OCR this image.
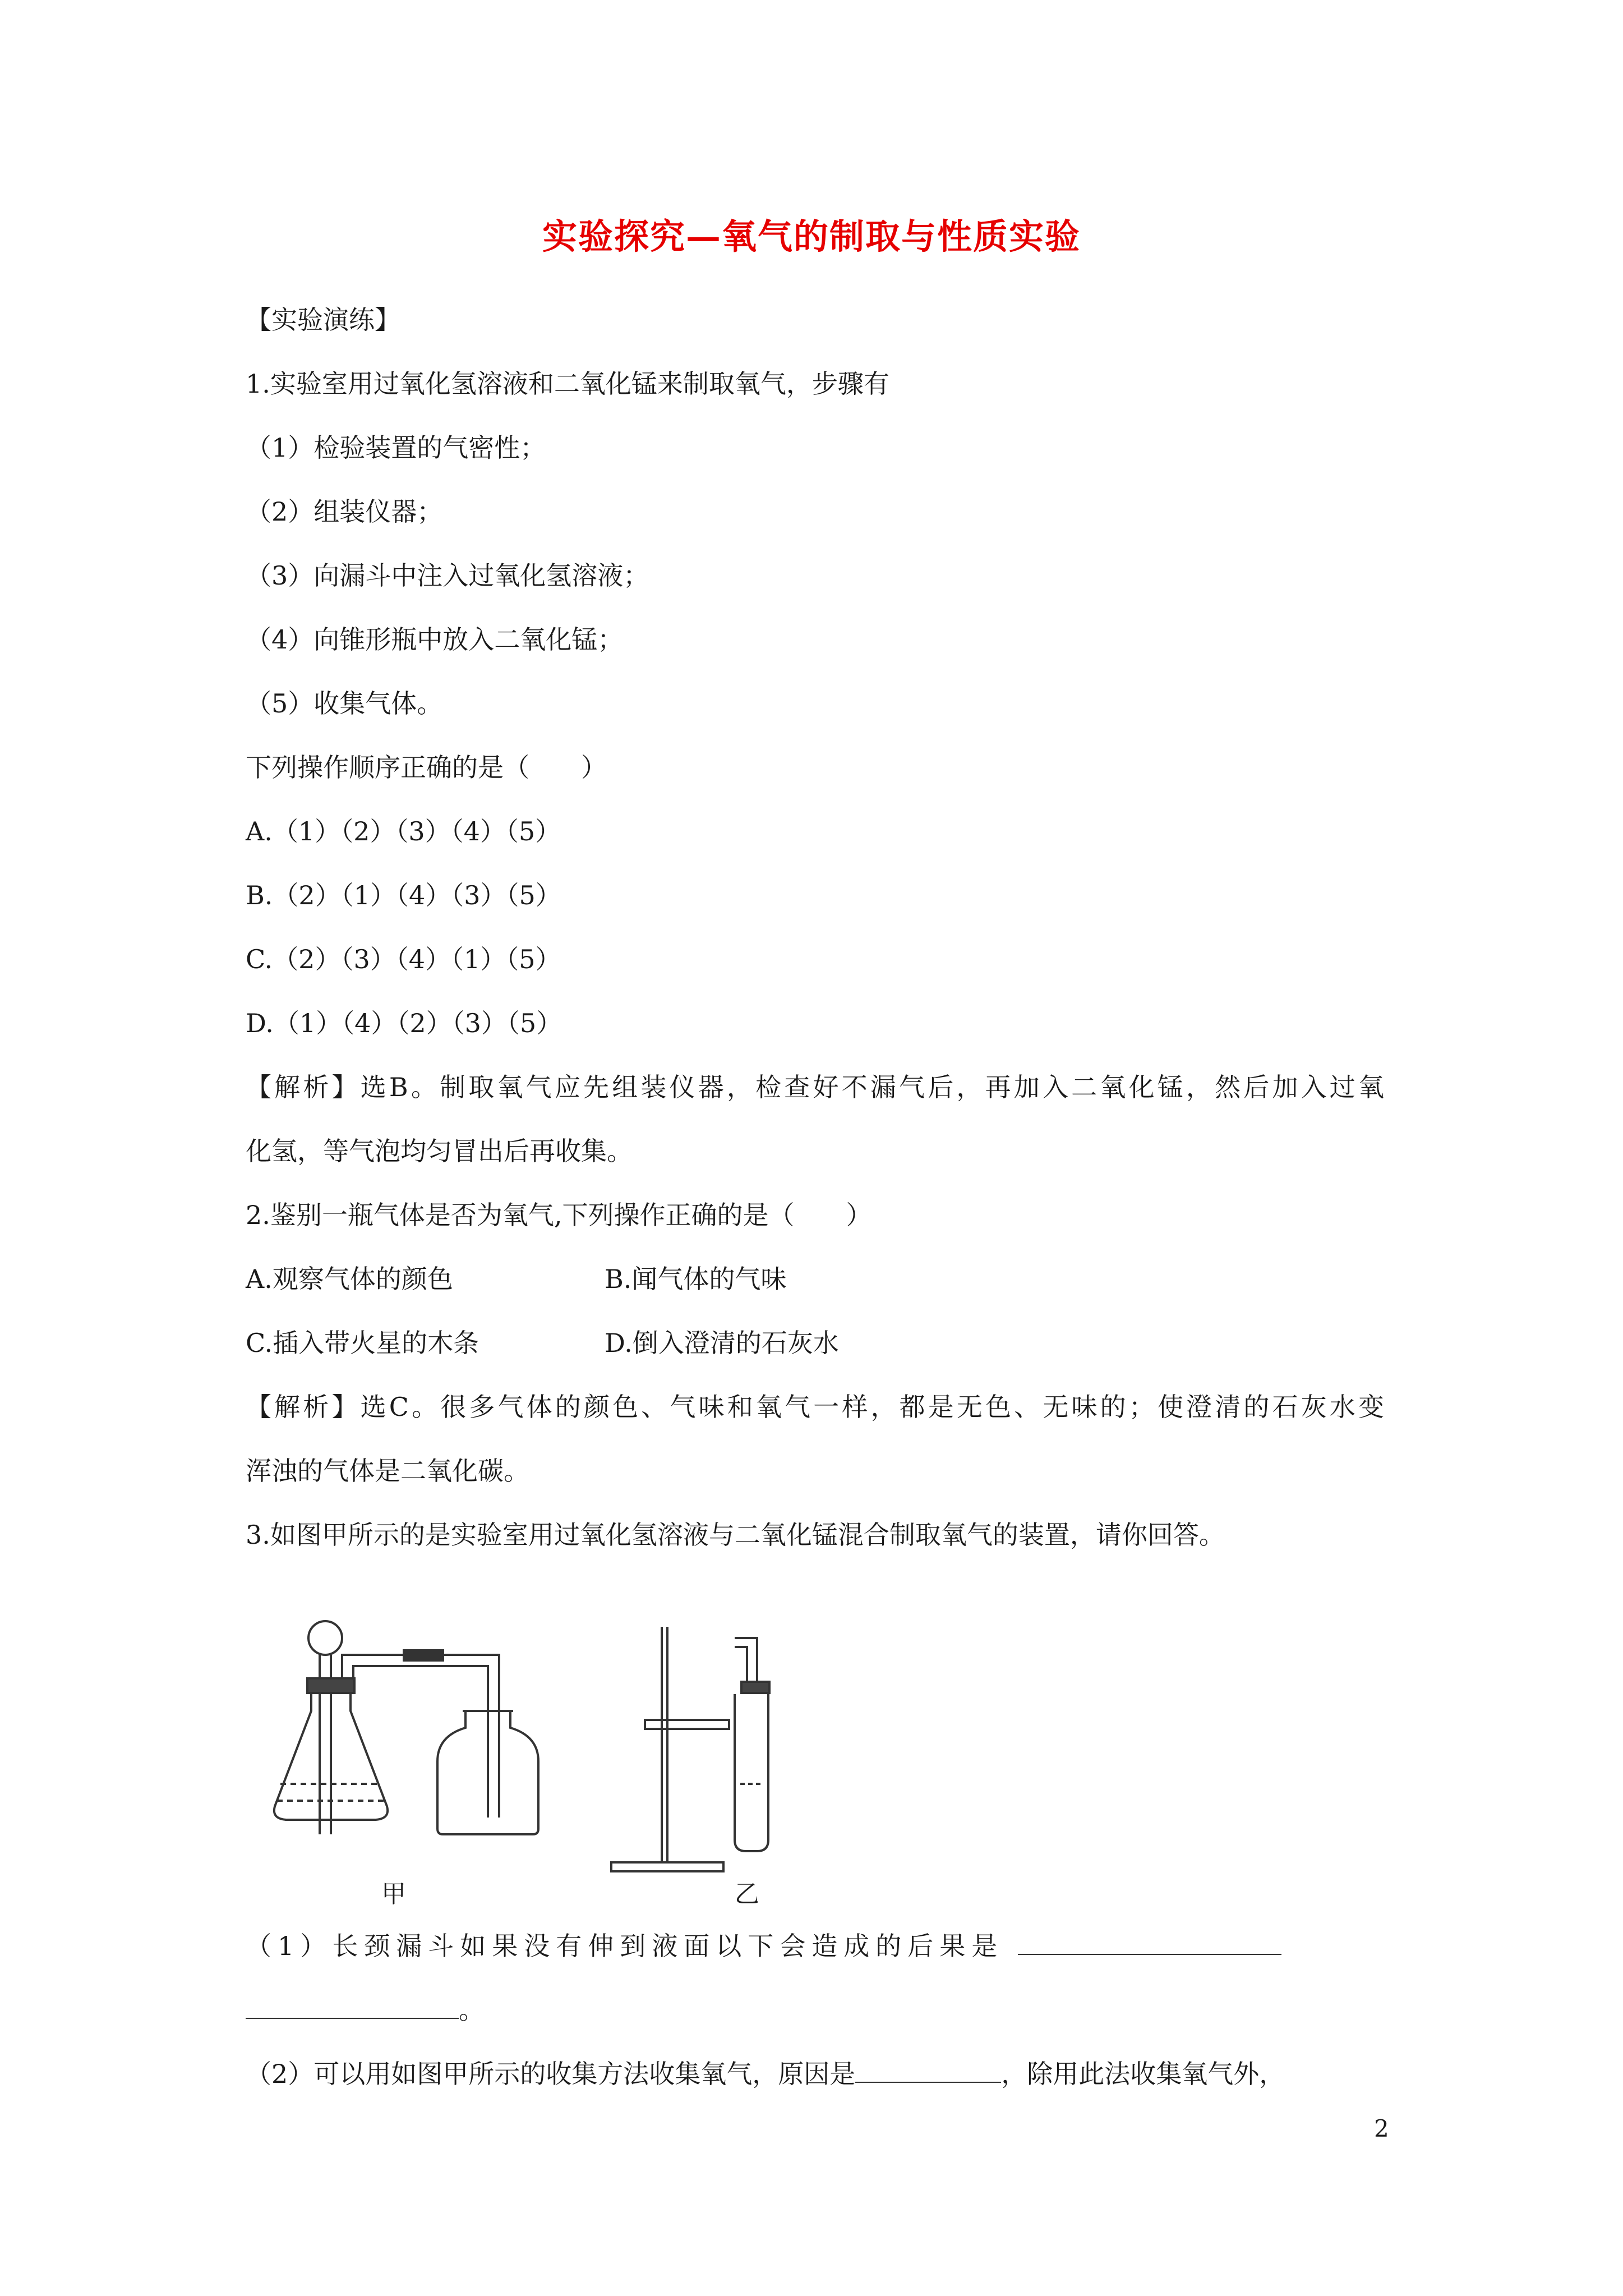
实验探究—氧气的制取与性质实验
【实验演练】
1.实验室用过氧化氢溶液和二氧化锰来制取氧气，步骤有
（1）检验装置的气密性；
（2）组装仪器；
（3）向漏斗中注入过氧化氢溶液；
（4）向锥形瓶中放入二氧化锰；
（5）收集气体。
下列操作顺序正确的是（　　）
A.（1）（2）（3）（4）（5）
B.（2）（1）（4）（3）（5）
C.（2）（3）（4）（1）（5）
D.（1）（4）（2）（3）（5）
【解析】选B。制取氧气应先组装仪器，检查好不漏气后，再加入二氧化锰，然后加入过氧
化氢，等气泡均匀冒出后再收集。
2.鉴别一瓶气体是否为氧气,下列操作正确的是（　　）
A.观察气体的颜色	B.闻气体的气味
C.插入带火星的木条	D.倒入澄清的石灰水
【解析】选C。很多气体的颜色、气味和氧气一样，都是无色、无味的；使澄清的石灰水变
浑浊的气体是二氧化碳。
3.如图甲所示的是实验室用过氧化氢溶液与二氧化锰混合制取氧气的装置，请你回答。
甲	乙
（1）长颈漏斗如果没有伸到液面以下会造成的后果是
。
（2）可以用如图甲所示的收集方法收集氧气，原因是	，除用此法收集氧气外，
2
